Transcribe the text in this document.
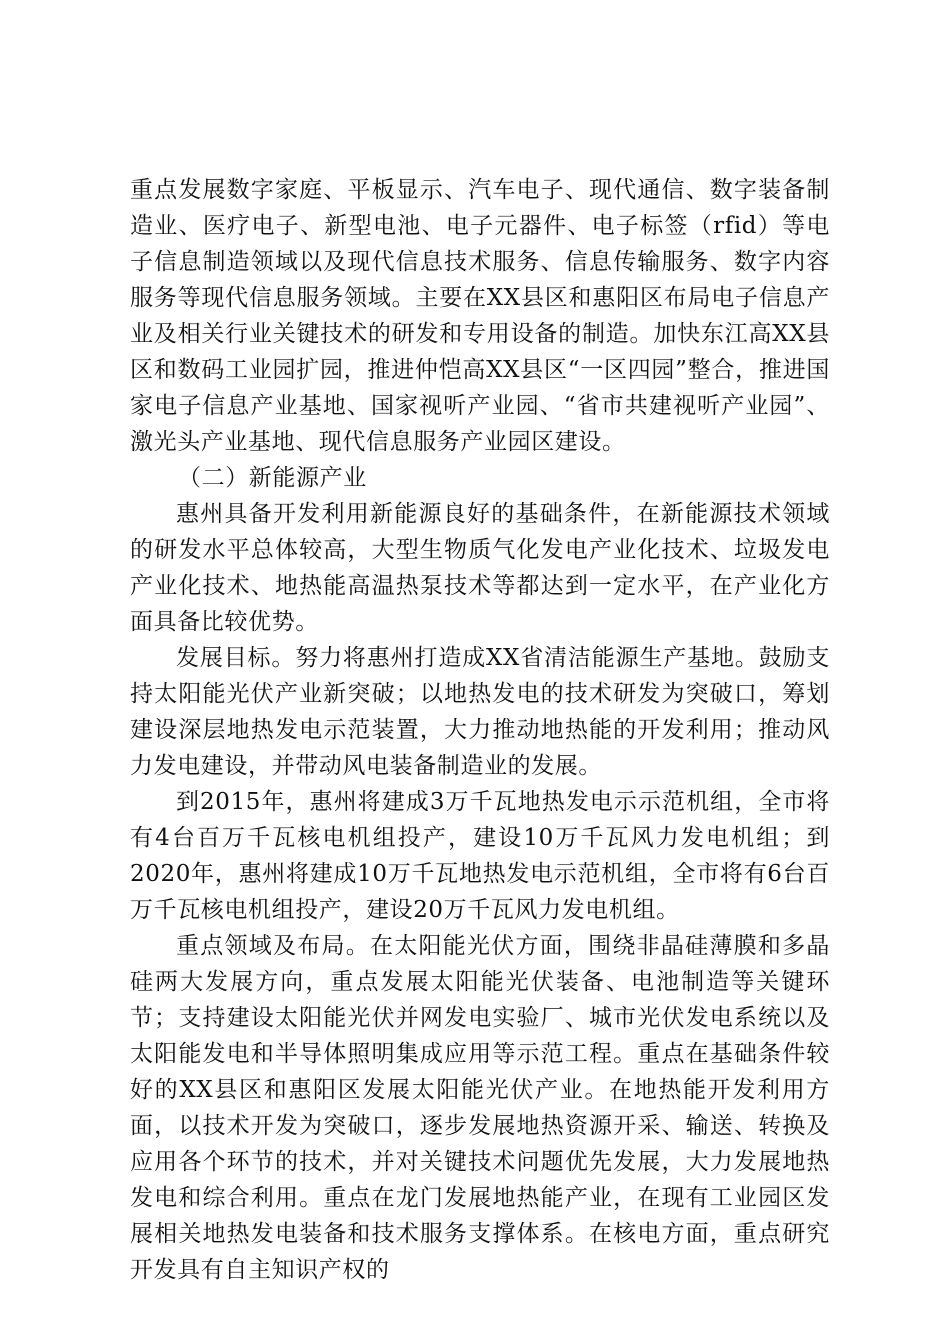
重点发展数字家庭、平板显示、汽车电子、现代通信、数字装备制造业、医疗电子、新型电池、电子元器件、电子标签（rfid）等电子信息制造领域以及现代信息技术服务、信息传输服务、数字内容服务等现代信息服务领域。主要在XX县区和惠阳区布局电子信息产业及相关行业关键技术的研发和专用设备的制造。加快东江高XX县区和数码工业园扩园，推进仲恺高XX县区“一区四园”整合，推进国家电子信息产业基地、国家视听产业园、“省市共建视听产业园”、激光头产业基地、现代信息服务产业园区建设。

（二）新能源产业

惠州具备开发利用新能源良好的基础条件，在新能源技术领域的研发水平总体较高，大型生物质气化发电产业化技术、垃圾发电产业化技术、地热能高温热泵技术等都达到一定水平，在产业化方面具备比较优势。

发展目标。努力将惠州打造成XX省清洁能源生产基地。鼓励支持太阳能光伏产业新突破；以地热发电的技术研发为突破口，筹划建设深层地热发电示范装置，大力推动地热能的开发利用；推动风力发电建设，并带动风电装备制造业的发展。

到2015年，惠州将建成3万千瓦地热发电示示范机组，全市将有4台百万千瓦核电机组投产，建设10万千瓦风力发电机组；到2020年，惠州将建成10万千瓦地热发电示范机组，全市将有6台百万千瓦核电机组投产，建设20万千瓦风力发电机组。

重点领域及布局。在太阳能光伏方面，围绕非晶硅薄膜和多晶硅两大发展方向，重点发展太阳能光伏装备、电池制造等关键环节；支持建设太阳能光伏并网发电实验厂、城市光伏发电系统以及太阳能发电和半导体照明集成应用等示范工程。重点在基础条件较好的XX县区和惠阳区发展太阳能光伏产业。在地热能开发利用方面，以技术开发为突破口，逐步发展地热资源开采、输送、转换及应用各个环节的技术，并对关键技术问题优先发展，大力发展地热发电和综合利用。重点在龙门发展地热能产业，在现有工业园区发展相关地热发电装备和技术服务支撑体系。在核电方面，重点研究开发具有自主知识产权的
